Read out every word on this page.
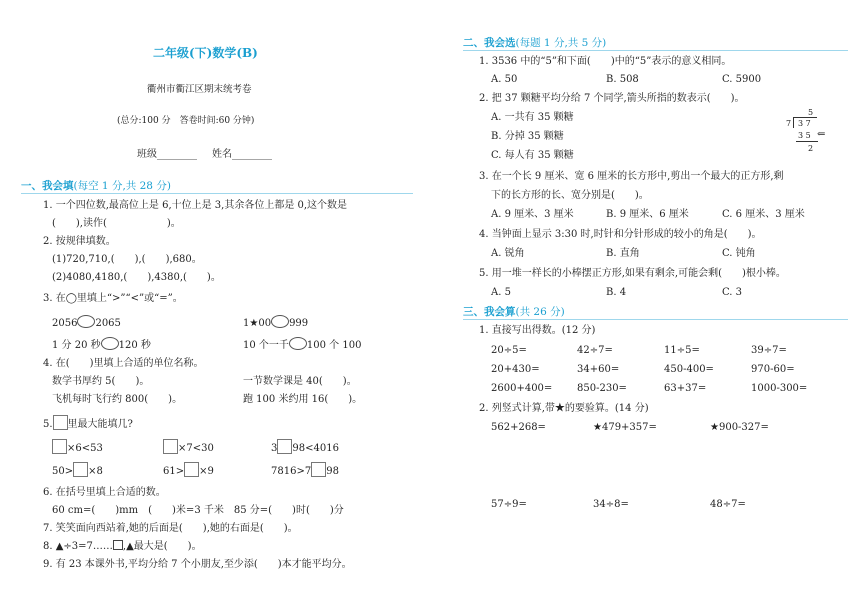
二年级(下)数学(B)
衢州市衢江区期末统考卷
(总分:100 分　答卷时间:60 分钟)
班级________ 姓名________
一、我会填(每空 1 分,共 28 分)
1. 一个四位数,最高位上是 6,十位上是 3,其余各位上都是 0,这个数是
(　　),读作(　　　　　　)。
2. 按规律填数。
(1)720,710,(　　),(　　),680。
(2)4080,4180,(　　),4380,(　　)。
3. 在◯里填上“>”“<”或“=”。
2056 2065	1★00 999
1 分 20 秒 120 秒	10 个一千 100 个 100
4. 在(　　)里填上合适的单位名称。
数学书厚约 5(　　)。	一节数学课是 40(　　)。
飞机每时飞行约 800(　　)。	跑 100 米约用 16(　　)。
5. 里最大能填几?
×6<53	×7<30	3 98<4016
50> ×8	61> ×9	7816>7 98
6. 在括号里填上合适的数。
60 cm=(　　)mm　(　　)米=3 千米　85 分=(　　)时(　　)分
7. 笑笑面向西站着,她的后面是(　　),她的右面是(　　)。
8. ▲÷3=7…… ,▲最大是(　　)。
9. 有 23 本课外书,平均分给 7 个小朋友,至少添(　　)本才能平均分。
二、我会选(每题 1 分,共 5 分)
1. 3536 中的“5”和下面(　　)中的“5”表示的意义相同。
A. 50	B. 508	C. 5900
2. 把 37 颗糖平均分给 7 个同学,箭头所指的数表示(　　)。
A. 一共有 35 颗糖
B. 分掉 35 颗糖
C. 每人有 35 颗糖
5
7 3 7
3 5 ⇐
2
3. 在一个长 9 厘米、宽 6 厘米的长方形中,剪出一个最大的正方形,剩
下的长方形的长、宽分别是(　　)。
A. 9 厘米、3 厘米	B. 9 厘米、6 厘米	C. 6 厘米、3 厘米
4. 当钟面上显示 3:30 时,时针和分针形成的较小的角是(　　)。
A. 锐角	B. 直角	C. 钝角
5. 用一堆一样长的小棒摆正方形,如果有剩余,可能会剩(　　)根小棒。
A. 5	B. 4	C. 3
三、我会算(共 26 分)
1. 直接写出得数。(12 分)
20÷5=	42÷7=	11÷5=	39÷7=
20+430=	34+60=	450-400=	970-60=
2600+400= 850-230=	63+37=	1000-300=
2. 列竖式计算,带★的要验算。(14 分)
562+268=	★479+357=	★900-327=
57÷9=	34÷8=	48÷7=
